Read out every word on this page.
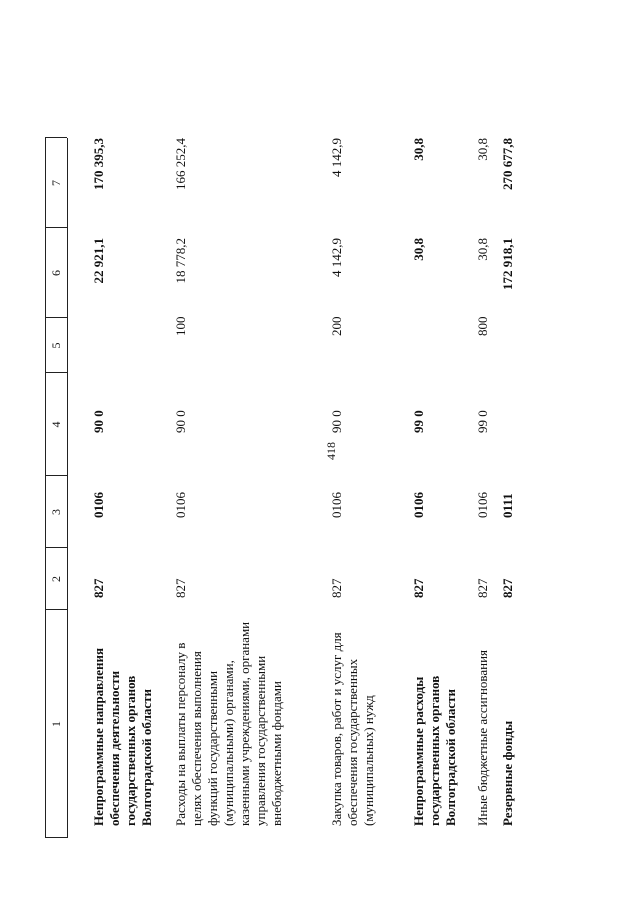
418
1
2
3
4
5
6
7
Непрограммные направления обеспечения деятельности государственных органов Волгоградской области
827
0106
90 0
22 921,1
170 395,3
Расходы на выплаты персоналу в целях обеспечения выполнения функций государственными (муниципальными) органами, казенными учреждениями, органами управления государственными внебюджетными фондами
827
0106
90 0
100
18 778,2
166 252,4
Закупка товаров, работ и услуг для обеспечения государственных (муниципальных) нужд
827
0106
90 0
200
4 142,9
4 142,9
Непрограммные расходы государственных органов Волгоградской области
827
0106
99 0
30,8
30,8
Иные бюджетные ассигнования
827
0106
99 0
800
30,8
30,8
Резервные фонды
827
0111
172 918,1
270 677,8
